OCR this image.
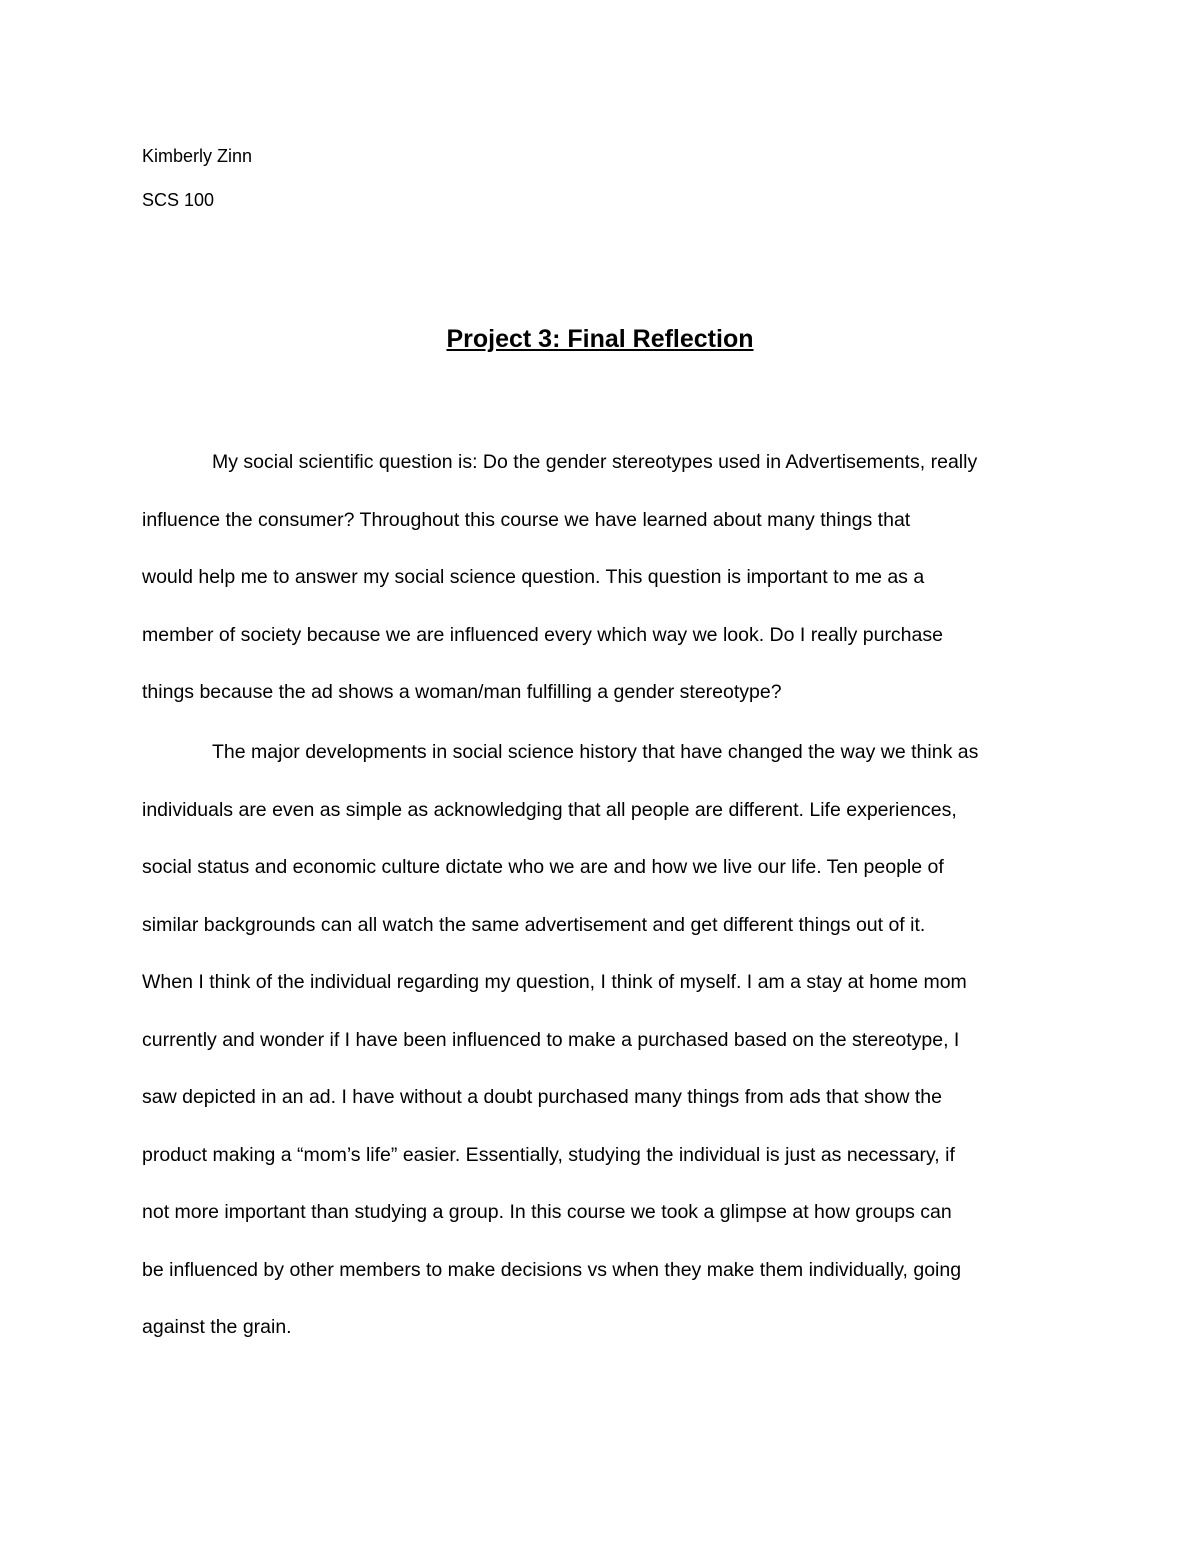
Kimberly Zinn

SCS 100

Project 3: Final Reflection

My social scientific question is: Do the gender stereotypes used in Advertisements, really
influence the consumer? Throughout this course we have learned about many things that
would help me to answer my social science question. This question is important to me as a
member of society because we are influenced every which way we look. Do I really purchase
things because the ad shows a woman/man fulfilling a gender stereotype?

The major developments in social science history that have changed the way we think as
individuals are even as simple as acknowledging that all people are different. Life experiences,
social status and economic culture dictate who we are and how we live our life. Ten people of
similar backgrounds can all watch the same advertisement and get different things out of it.
When I think of the individual regarding my question, I think of myself. I am a stay at home mom
currently and wonder if I have been influenced to make a purchased based on the stereotype, I
saw depicted in an ad. I have without a doubt purchased many things from ads that show the
product making a “mom’s life” easier. Essentially, studying the individual is just as necessary, if
not more important than studying a group. In this course we took a glimpse at how groups can
be influenced by other members to make decisions vs when they make them individually, going
against the grain.
